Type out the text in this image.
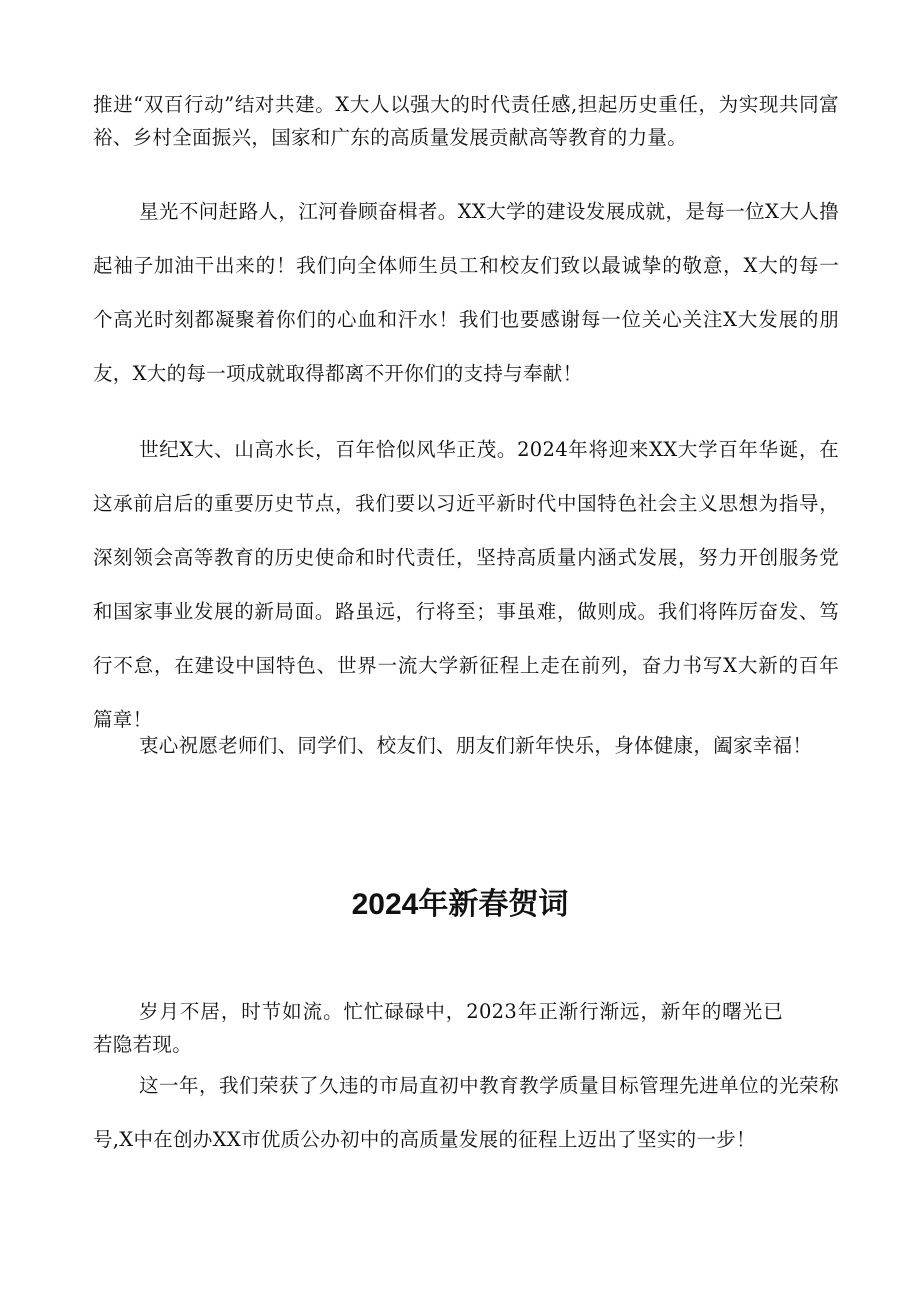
推进“双百行动”结对共建。X大人以强大的时代责任感,担起历史重任，为实现共同富裕、乡村全面振兴，国家和广东的高质量发展贡献高等教育的力量。

星光不问赶路人，江河眷顾奋楫者。XX大学的建设发展成就，是每一位X大人撸起袖子加油干出来的！我们向全体师生员工和校友们致以最诚挚的敬意，X大的每一个高光时刻都凝聚着你们的心血和汗水！我们也要感谢每一位关心关注X大发展的朋友，X大的每一项成就取得都离不开你们的支持与奉献！

世纪X大、山高水长，百年恰似风华正茂。2024年将迎来XX大学百年华诞，在这承前启后的重要历史节点，我们要以习近平新时代中国特色社会主义思想为指导，深刻领会高等教育的历史使命和时代责任，坚持高质量内涵式发展，努力开创服务党和国家事业发展的新局面。路虽远，行将至；事虽难，做则成。我们将阵厉奋发、笃行不怠，在建设中国特色、世界一流大学新征程上走在前列，奋力书写X大新的百年篇章！

衷心祝愿老师们、同学们、校友们、朋友们新年快乐，身体健康，阖家幸福！

2024年新春贺词

岁月不居，时节如流。忙忙碌碌中，2023年正渐行渐远，新年的曙光已若隐若现。

这一年，我们荣获了久违的市局直初中教育教学质量目标管理先进单位的光荣称号,X中在创办XX市优质公办初中的高质量发展的征程上迈出了坚实的一步！
